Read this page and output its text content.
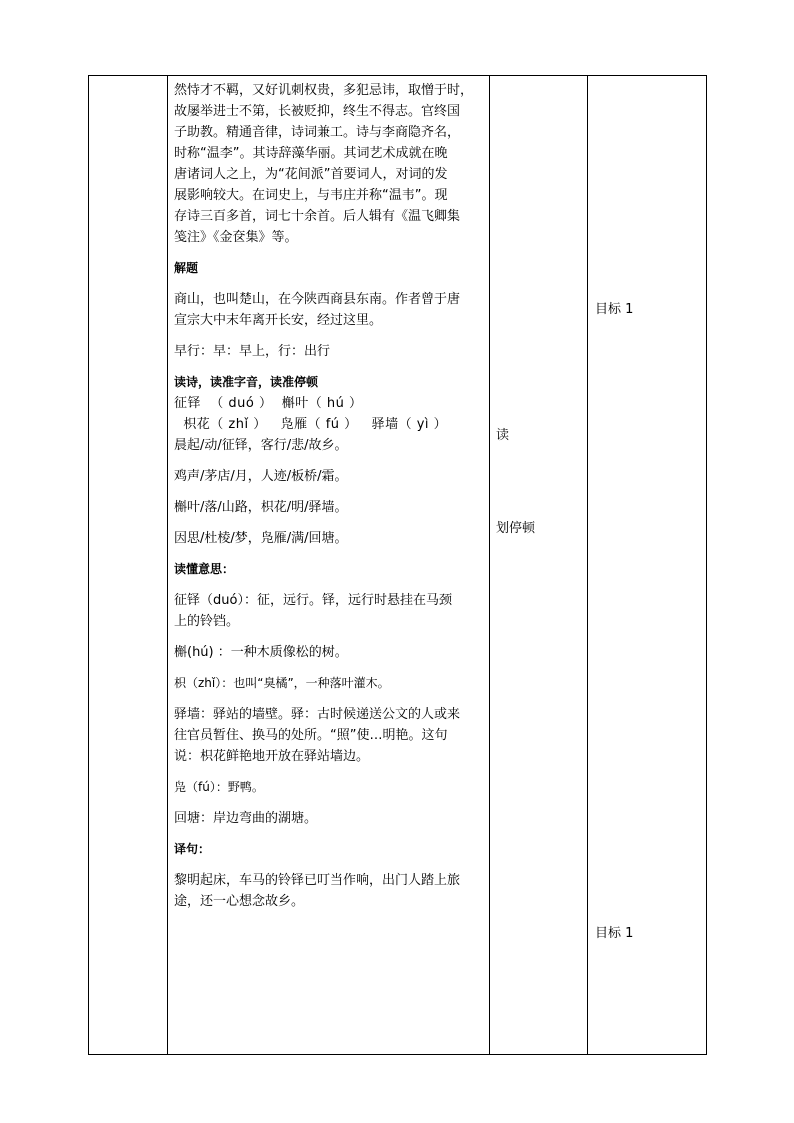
然恃才不羁，又好讥刺权贵，多犯忌讳，取憎于时，
故屡举进士不第，长被贬抑，终生不得志。官终国
子助教。精通音律，诗词兼工。诗与李商隐齐名，
时称“温李”。其诗辞藻华丽。其词艺术成就在晚
唐诸词人之上，为“花间派”首要词人，对词的发
展影响较大。在词史上，与韦庄并称“温韦”。现
存诗三百多首，词七十余首。后人辑有《温飞卿集
笺注》《金奁集》等。
解题
商山，也叫楚山，在今陕西商县东南。作者曾于唐
宣宗大中末年离开长安，经过这里。
早行：早：早上，行：出行
读诗，读准字音，读准停顿
征铎  （ duó ）  槲叶（ hú ）
枳花（ zhǐ ）   凫雁（ fú ）   驿墙（ yì ）
晨起/动/征铎，客行/悲/故乡。
鸡声/茅店/月，人迹/板桥/霜。
槲叶/落/山路，枳花/明/驿墙。
因思/杜棱/梦，凫雁/满/回塘。
读懂意思：
征铎（duó）：征，远行。铎，远行时悬挂在马颈
上的铃铛。
槲(hú) ：一种木质像松的树。
枳（zhǐ）：也叫“臭橘”，一种落叶灌木。
驿墙：驿站的墙壁。驿：古时候递送公文的人或来
往官员暂住、换马的处所。“照”使…明艳。这句
说：枳花鲜艳地开放在驿站墙边。
凫（fú）：野鸭。
回塘：岸边弯曲的湖塘。
译句：
黎明起床，车马的铃铎已叮当作响，出门人踏上旅
途，还一心想念故乡。
读
划停顿
目标 1
目标 1
